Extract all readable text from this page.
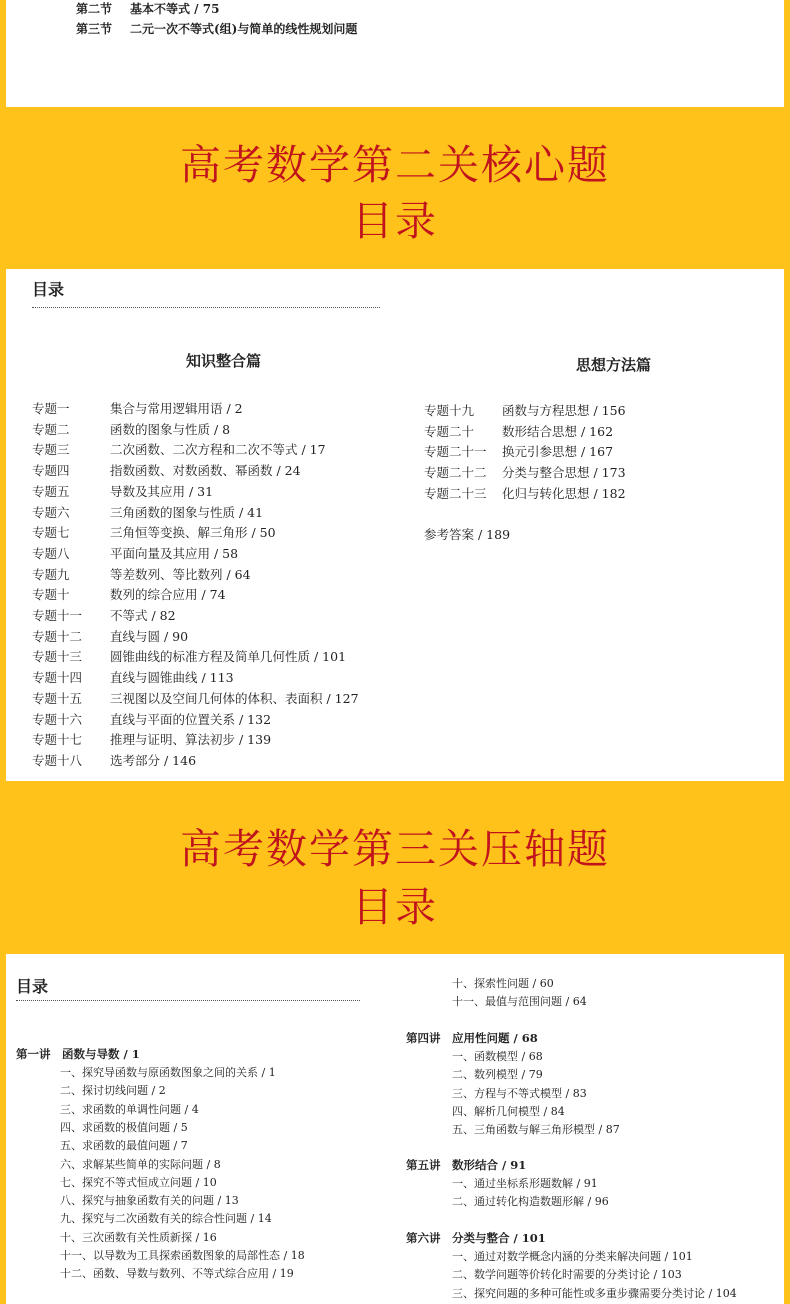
第二节 基本不等式 / 75
第三节 二元一次不等式(组)与简单的线性规划问题
高考数学第二关核心题
目录
目录
知识整合篇	思想方法篇
专题一	集合与常用逻辑用语 / 2
专题二	函数的图象与性质 / 8
专题三	二次函数、二次方程和二次不等式 / 17
专题四	指数函数、对数函数、幂函数 / 24
专题五	导数及其应用 / 31
专题六	三角函数的图象与性质 / 41
专题七	三角恒等变换、解三角形 / 50
专题八	平面向量及其应用 / 58
专题九	等差数列、等比数列 / 64
专题十	数列的综合应用 / 74
专题十一 不等式 / 82
专题十二 直线与圆 / 90
专题十三 圆锥曲线的标准方程及简单几何性质 / 101
专题十四 直线与圆锥曲线 / 113
专题十五 三视图以及空间几何体的体积、表面积 / 127
专题十六 直线与平面的位置关系 / 132
专题十七 推理与证明、算法初步 / 139
专题十八 选考部分 / 146
专题十九 函数与方程思想 / 156
专题二十 数形结合思想 / 162
专题二十一 换元引参思想 / 167
专题二十二 分类与整合思想 / 173
专题二十三 化归与转化思想 / 182
参考答案 / 189
高考数学第三关压轴题
目录
目录
第一讲 函数与导数 / 1
一、探究导函数与原函数图象之间的关系 / 1
二、探讨切线问题 / 2
三、求函数的单调性问题 / 4
四、求函数的极值问题 / 5
五、求函数的最值问题 / 7
六、求解某些简单的实际问题 / 8
七、探究不等式恒成立问题 / 10
八、探究与抽象函数有关的问题 / 13
九、探究与二次函数有关的综合性问题 / 14
十、三次函数有关性质新探 / 16
十一、以导数为工具探索函数图象的局部性态 / 18
十二、函数、导数与数列、不等式综合应用 / 19
十、探索性问题 / 60
十一、最值与范围问题 / 64
第四讲 应用性问题 / 68
一、函数模型 / 68
二、数列模型 / 79
三、方程与不等式模型 / 83
四、解析几何模型 / 84
五、三角函数与解三角形模型 / 87
第五讲 数形结合 / 91
一、通过坐标系形题数解 / 91
二、通过转化构造数题形解 / 96
第六讲 分类与整合 / 101
一、通过对数学概念内涵的分类来解决问题 / 101
二、数学问题等价转化时需要的分类讨论 / 103
三、探究问题的多种可能性或多重步骤需要分类讨论 / 104
